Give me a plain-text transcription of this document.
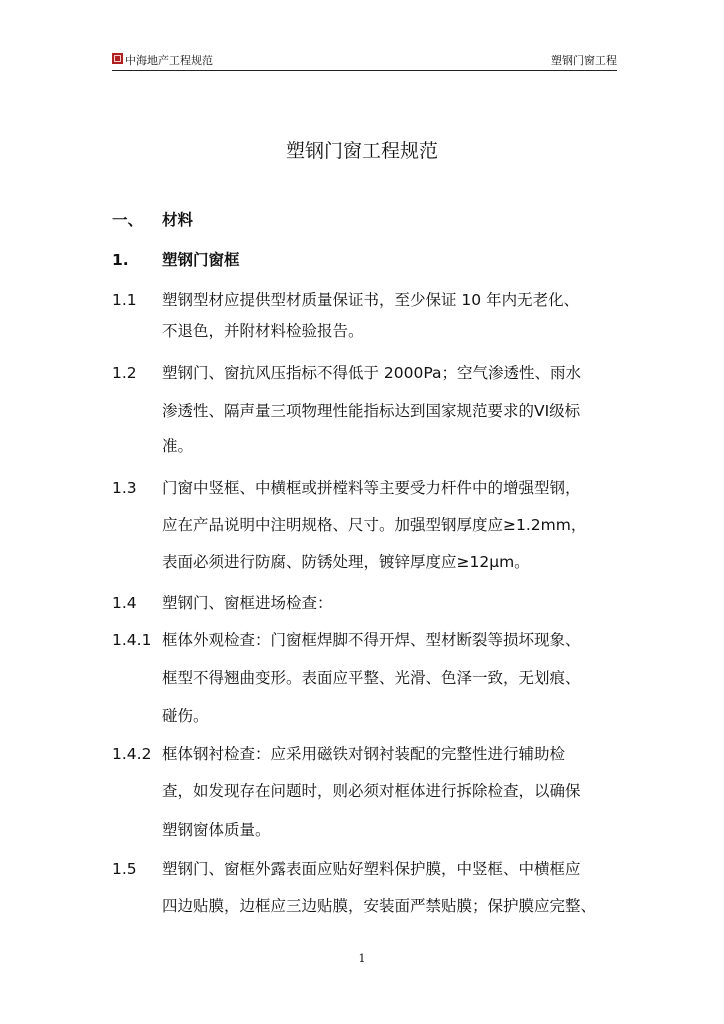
中海地产工程规范	塑钢门窗工程
塑钢门窗工程规范
一、 材料
1. 塑钢门窗框
1.1 塑钢型材应提供型材质量保证书，至少保证 10 年内无老化、
不退色，并附材料检验报告。
1.2 塑钢门、窗抗风压指标不得低于 2000Pa；空气渗透性、雨水
渗透性、隔声量三项物理性能指标达到国家规范要求的VI级标
准。
1.3 门窗中竖框、中横框或拼樘料等主要受力杆件中的增强型钢，
应在产品说明中注明规格、尺寸。加强型钢厚度应≥1.2mm，
表面必须进行防腐、防锈处理，镀锌厚度应≥12μm。
1.4 塑钢门、窗框进场检查：
1.4.1 框体外观检查：门窗框焊脚不得开焊、型材断裂等损坏现象、
框型不得翘曲变形。表面应平整、光滑、色泽一致，无划痕、
碰伤。
1.4.2 框体钢衬检查：应采用磁铁对钢衬装配的完整性进行辅助检
查，如发现存在问题时，则必须对框体进行拆除检查，以确保
塑钢窗体质量。
1.5 塑钢门、窗框外露表面应贴好塑料保护膜，中竖框、中横框应
四边贴膜，边框应三边贴膜，安装面严禁贴膜；保护膜应完整、
1
